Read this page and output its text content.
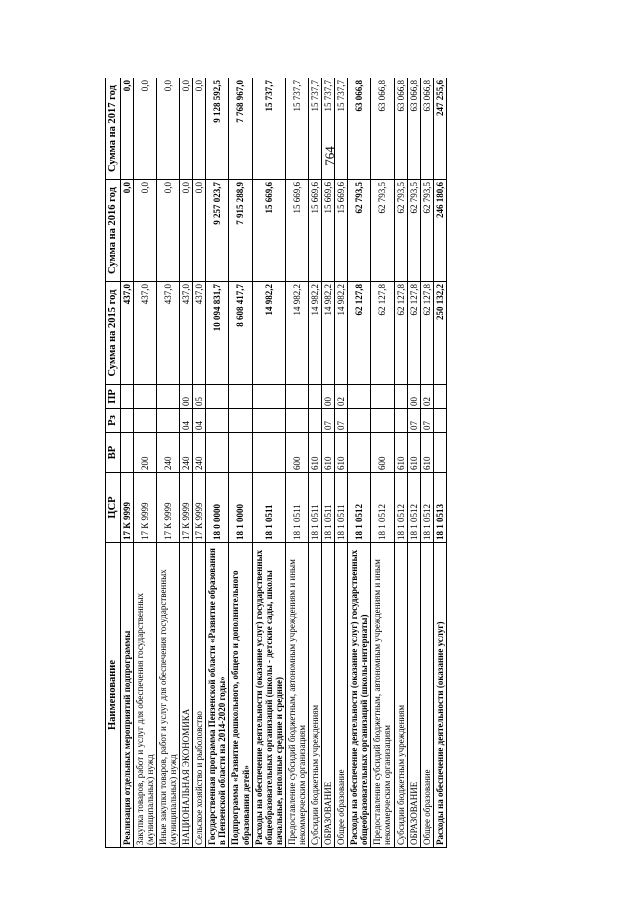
764
Наименование	ЦСР	ВР	Рз	ПР	Сумма на 2015 год	Сумма на 2016 год	Сумма на 2017 год
Реализация отдельных мероприятий подпрограммы	17 К 9999				437,0	0,0	0,0
Закупка товаров, работ и услуг для обеспечения государственных (муниципальных) нужд	17 К 9999	200			437,0	0,0	0,0
Иные закупки товаров, работ и услуг для обеспечения государственных (муниципальных) нужд	17 К 9999	240			437,0	0,0	0,0
НАЦИОНАЛЬНАЯ ЭКОНОМИКА	17 К 9999	240	04	00	437,0	0,0	0,0
Сельское хозяйство и рыболовство	17 К 9999	240	04	05	437,0	0,0	0,0
Государственная программа Пензенской области «Развитие образования в Пензенской области на 2014-2020 годы»	18 0 0000				10 094 831,7	9 257 023,7	9 128 592,5
Подпрограмма «Развитие дошкольного, общего и дополнительного образования детей»	18 1 0000				8 608 417,7	7 915 288,9	7 768 967,0
Расходы на обеспечение деятельности (оказание услуг) государственных общеобразовательных организаций (школы - детские сады, школы начальные, неполные средние и средние)	18 1 0511				14 982,2	15 669,6	15 737,7
Предоставление субсидий бюджетным, автономным учреждениям и иным некоммерческим организациям	18 1 0511	600			14 982,2	15 669,6	15 737,7
Субсидии бюджетным учреждениям	18 1 0511	610			14 982,2	15 669,6	15 737,7
ОБРАЗОВАНИЕ	18 1 0511	610	07	00	14 982,2	15 669,6	15 737,7
Общее образование	18 1 0511	610	07	02	14 982,2	15 669,6	15 737,7
Расходы на обеспечение деятельности (оказание услуг) государственных общеобразовательных организаций (школы-интернаты)	18 1 0512				62 127,8	62 793,5	63 066,8
Предоставление субсидий бюджетным, автономным учреждениям и иным некоммерческим организациям	18 1 0512	600			62 127,8	62 793,5	63 066,8
Субсидии бюджетным учреждениям	18 1 0512	610			62 127,8	62 793,5	63 066,8
ОБРАЗОВАНИЕ	18 1 0512	610	07	00	62 127,8	62 793,5	63 066,8
Общее образование	18 1 0512	610	07	02	62 127,8	62 793,5	63 066,8
Расходы на обеспечение деятельности (оказание услуг)	18 1 0513				250 132,2	246 180,6	247 255,6
